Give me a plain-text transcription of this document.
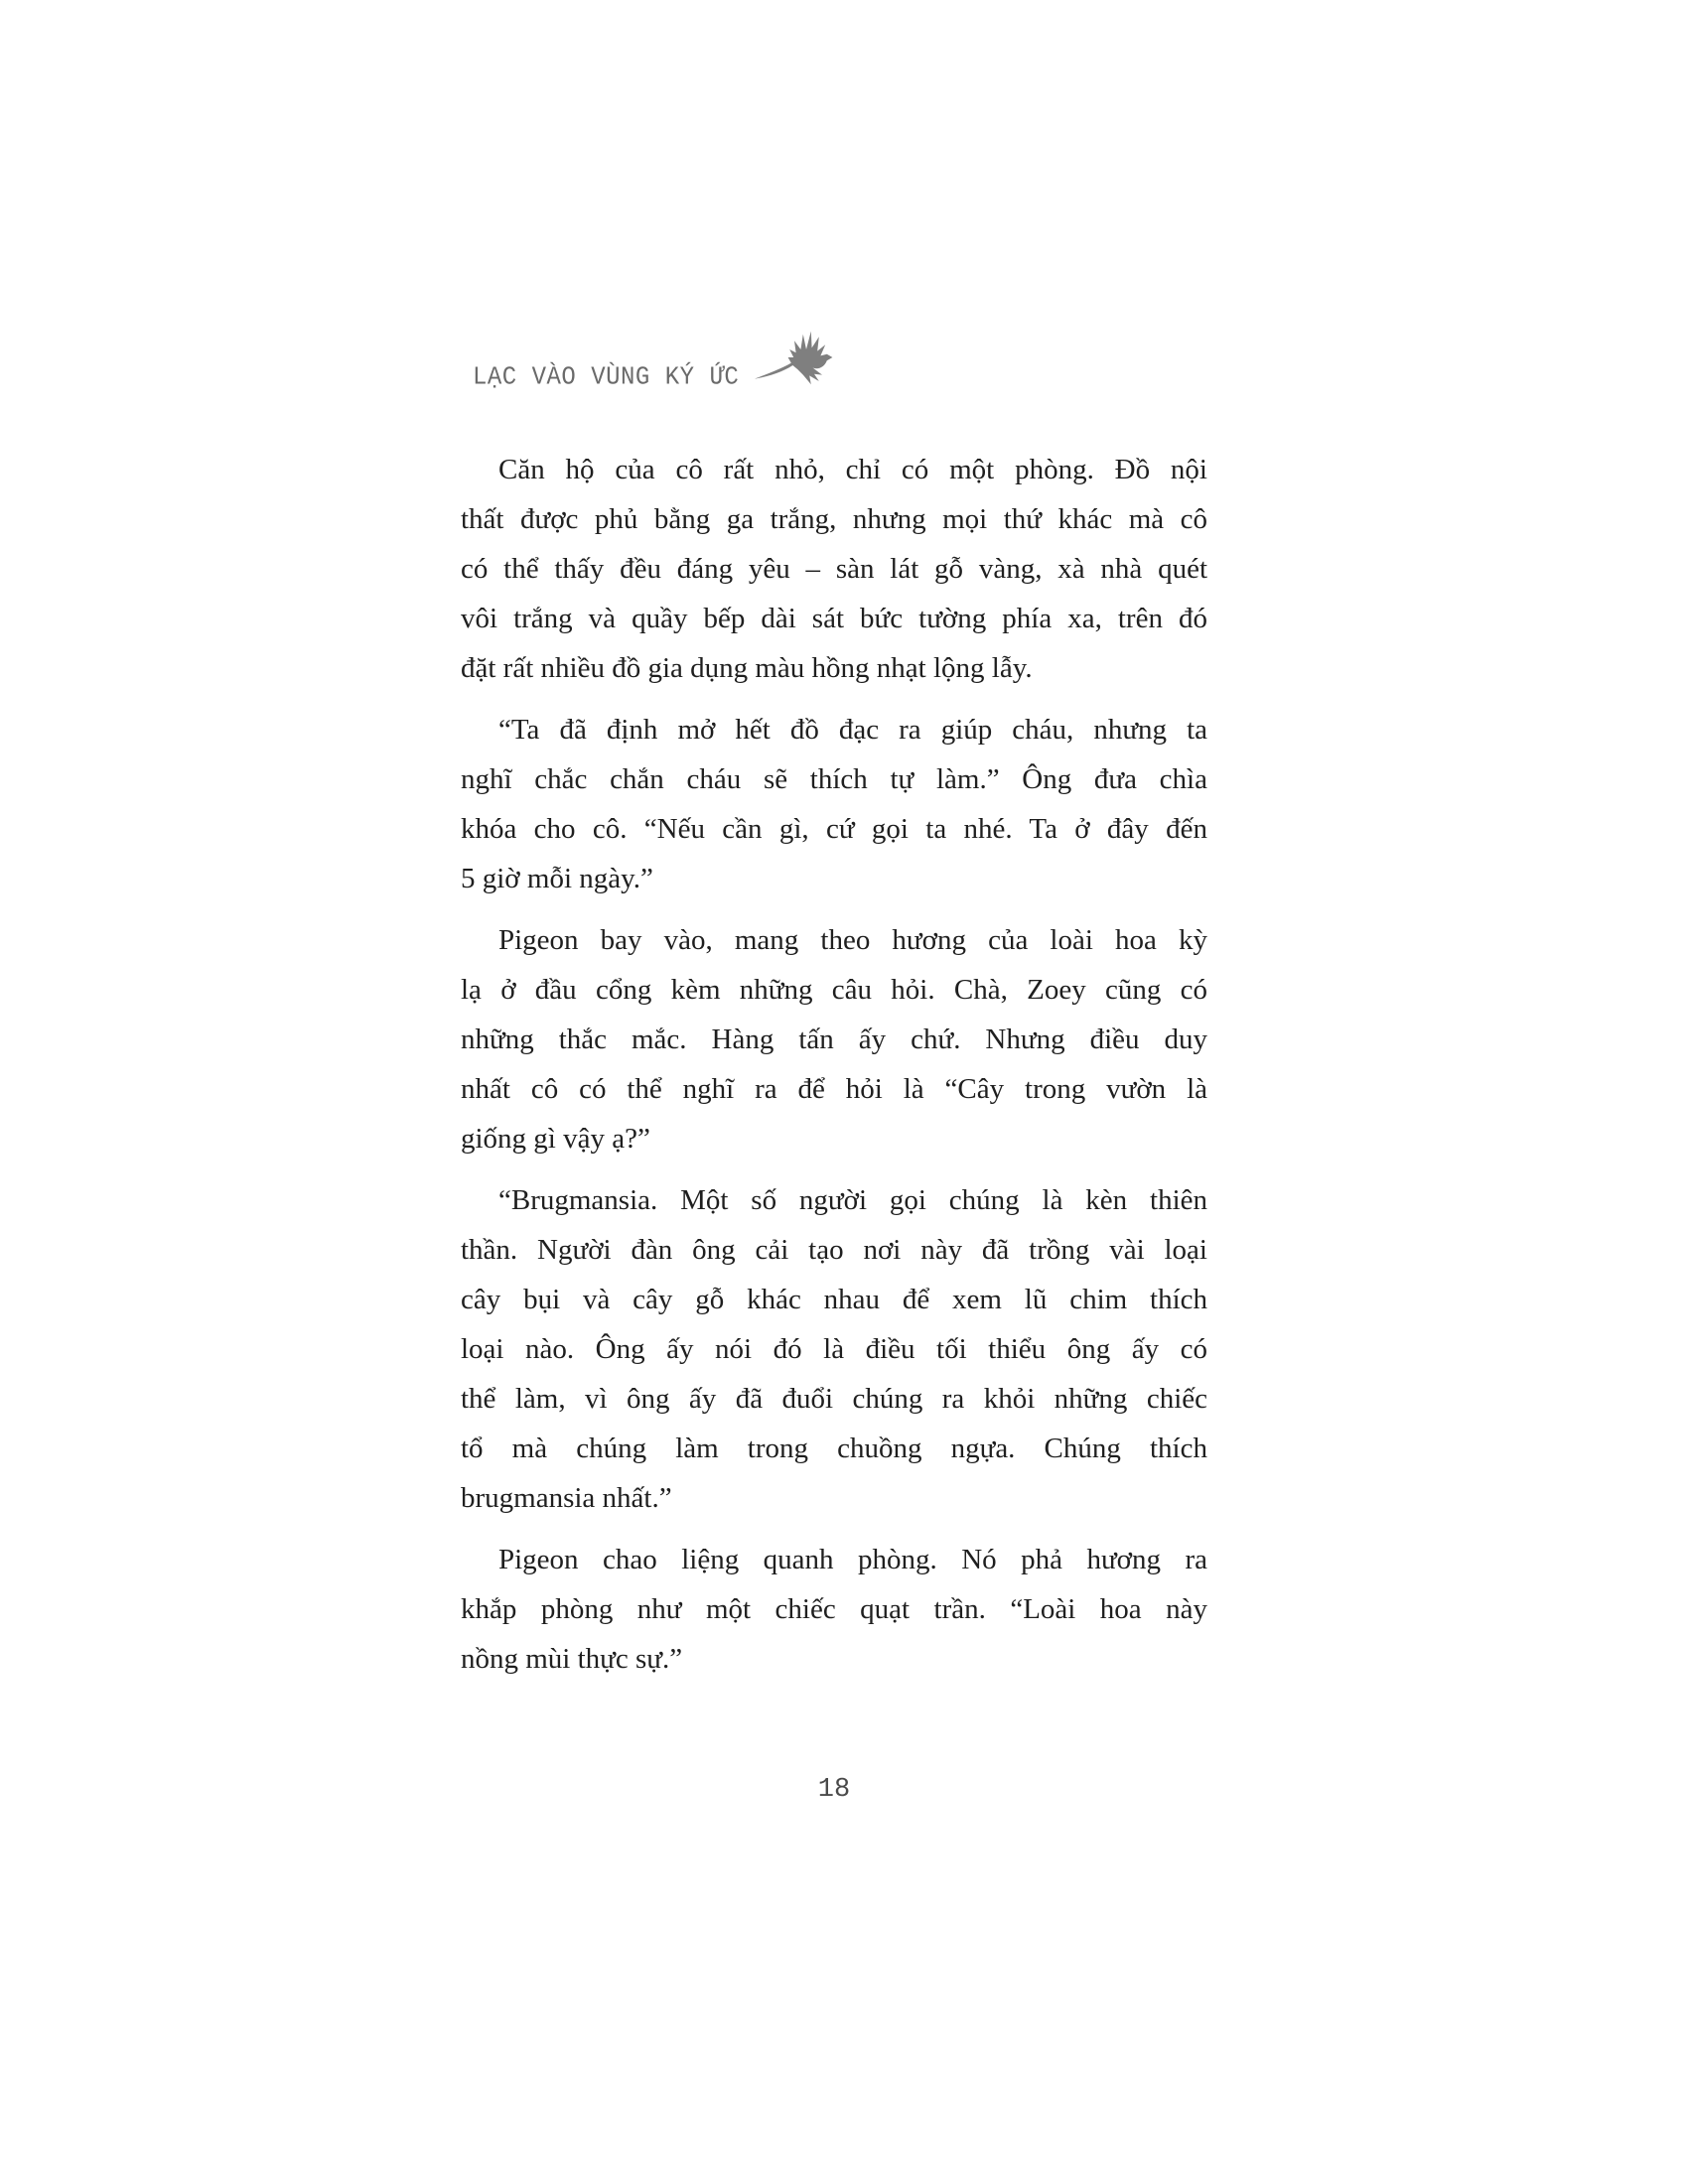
LẠC VÀO VÙNG KÝ ỨC
Căn hộ của cô rất nhỏ, chỉ có một phòng. Đồ nội
thất được phủ bằng ga trắng, nhưng mọi thứ khác mà cô
có thể thấy đều đáng yêu – sàn lát gỗ vàng, xà nhà quét
vôi trắng và quầy bếp dài sát bức tường phía xa, trên đó
đặt rất nhiều đồ gia dụng màu hồng nhạt lộng lẫy.
“Ta đã định mở hết đồ đạc ra giúp cháu, nhưng ta
nghĩ chắc chắn cháu sẽ thích tự làm.” Ông đưa chìa
khóa cho cô. “Nếu cần gì, cứ gọi ta nhé. Ta ở đây đến
5 giờ mỗi ngày.”
Pigeon bay vào, mang theo hương của loài hoa kỳ
lạ ở đầu cổng kèm những câu hỏi. Chà, Zoey cũng có
những thắc mắc. Hàng tấn ấy chứ. Nhưng điều duy
nhất cô có thể nghĩ ra để hỏi là “Cây trong vườn là
giống gì vậy ạ?”
“Brugmansia. Một số người gọi chúng là kèn thiên
thần. Người đàn ông cải tạo nơi này đã trồng vài loại
cây bụi và cây gỗ khác nhau để xem lũ chim thích
loại nào. Ông ấy nói đó là điều tối thiểu ông ấy có
thể làm, vì ông ấy đã đuổi chúng ra khỏi những chiếc
tổ mà chúng làm trong chuồng ngựa. Chúng thích
brugmansia nhất.”
Pigeon chao liệng quanh phòng. Nó phả hương ra
khắp phòng như một chiếc quạt trần. “Loài hoa này
nồng mùi thực sự.”
18
